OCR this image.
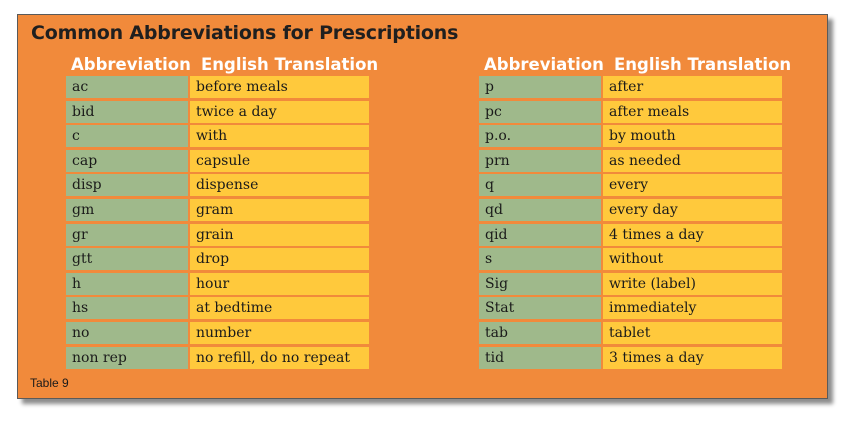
Common Abbreviations for Prescriptions
Abbreviation English Translation
ac	before meals
bid	twice a day
c	with
cap	capsule
disp	dispense
gm	gram
gr	grain
gtt	drop
h	hour
hs	at bedtime
no	number
non rep	no refill, do no repeat
Abbreviation English Translation
p	after
pc	after meals
p.o.	by mouth
prn	as needed
q	every
qd	every day
qid	4 times a day
s	without
Sig	write (label)
Stat	immediately
tab	tablet
tid	3 times a day
Table 9
